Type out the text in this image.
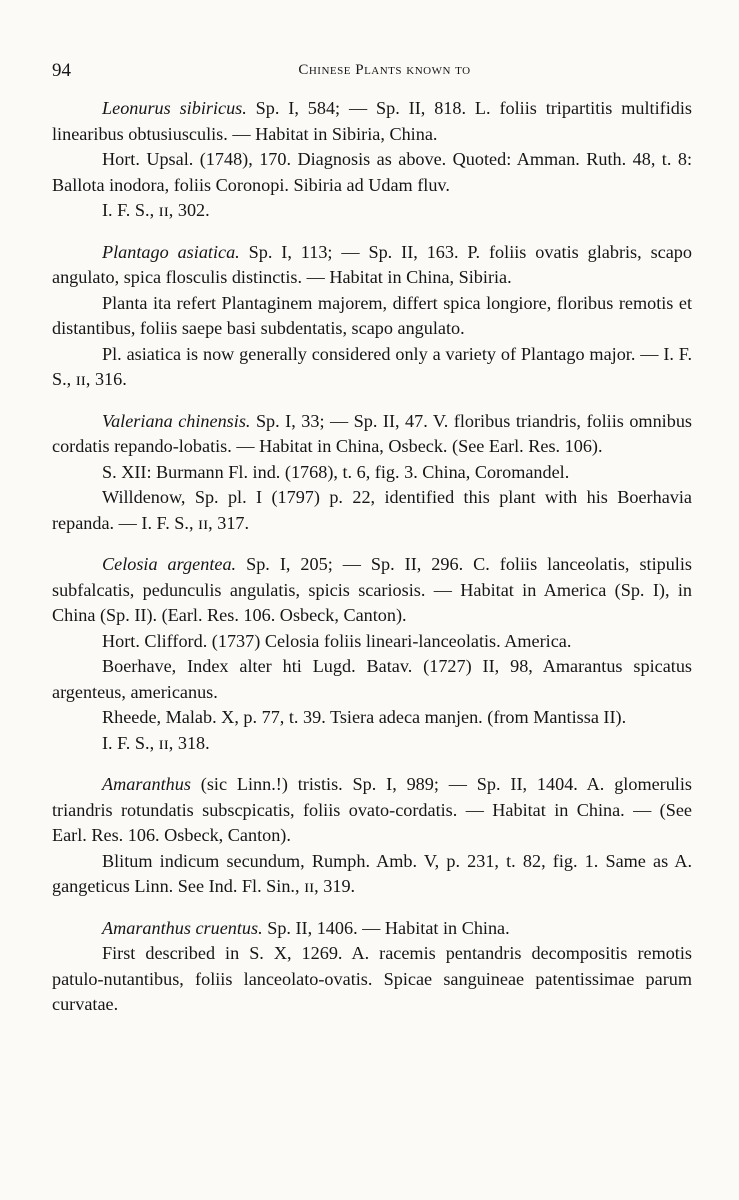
94	Chinese Plants known to

Leonurus sibiricus. Sp. I, 584; — Sp. II, 818. L. foliis tripartitis multifidis linearibus obtusiusculis. — Habitat in Sibiria, China.

Hort. Upsal. (1748), 170. Diagnosis as above. Quoted: Amman. Ruth. 48, t. 8: Ballota inodora, foliis Coronopi. Sibiria ad Udam fluv.

I. F. S., ɪɪ, 302.

Plantago asiatica. Sp. I, 113; — Sp. II, 163. P. foliis ovatis glabris, scapo angulato, spica flosculis distinctis. — Habitat in China, Sibiria.

Planta ita refert Plantaginem majorem, differt spica longiore, floribus remotis et distantibus, foliis saepe basi subdentatis, scapo angulato.

Pl. asiatica is now generally considered only a variety of Plantago major. — I. F. S., ɪɪ, 316.

Valeriana chinensis. Sp. I, 33; — Sp. II, 47. V. floribus triandris, foliis omnibus cordatis repando-lobatis. — Habitat in China, Osbeck. (See Earl. Res. 106).

S. XII: Burmann Fl. ind. (1768), t. 6, fig. 3. China, Coromandel.

Willdenow, Sp. pl. I (1797) p. 22, identified this plant with his Boerhavia repanda. — I. F. S., ɪɪ, 317.

Celosia argentea. Sp. I, 205; — Sp. II, 296. C. foliis lanceolatis, stipulis subfalcatis, pedunculis angulatis, spicis scariosis. — Habitat in America (Sp. I), in China (Sp. II). (Earl. Res. 106. Osbeck, Canton).

Hort. Clifford. (1737) Celosia foliis lineari-lanceolatis. America.

Boerhave, Index alter hti Lugd. Batav. (1727) II, 98, Amarantus spicatus argenteus, americanus.

Rheede, Malab. X, p. 77, t. 39. Tsiera adeca manjen. (from Mantissa II).

I. F. S., ɪɪ, 318.

Amaranthus (sic Linn.!) tristis. Sp. I, 989; — Sp. II, 1404. A. glomerulis triandris rotundatis subscpicatis, foliis ovato-cordatis. — Habitat in China. — (See Earl. Res. 106. Osbeck, Canton).

Blitum indicum secundum, Rumph. Amb. V, p. 231, t. 82, fig. 1. Same as A. gangeticus Linn. See Ind. Fl. Sin., ɪɪ, 319.

Amaranthus cruentus. Sp. II, 1406. — Habitat in China.

First described in S. X, 1269. A. racemis pentandris decompositis remotis patulo-nutantibus, foliis lanceolato-ovatis. Spicae sanguineae patentissimae parum curvatae.
